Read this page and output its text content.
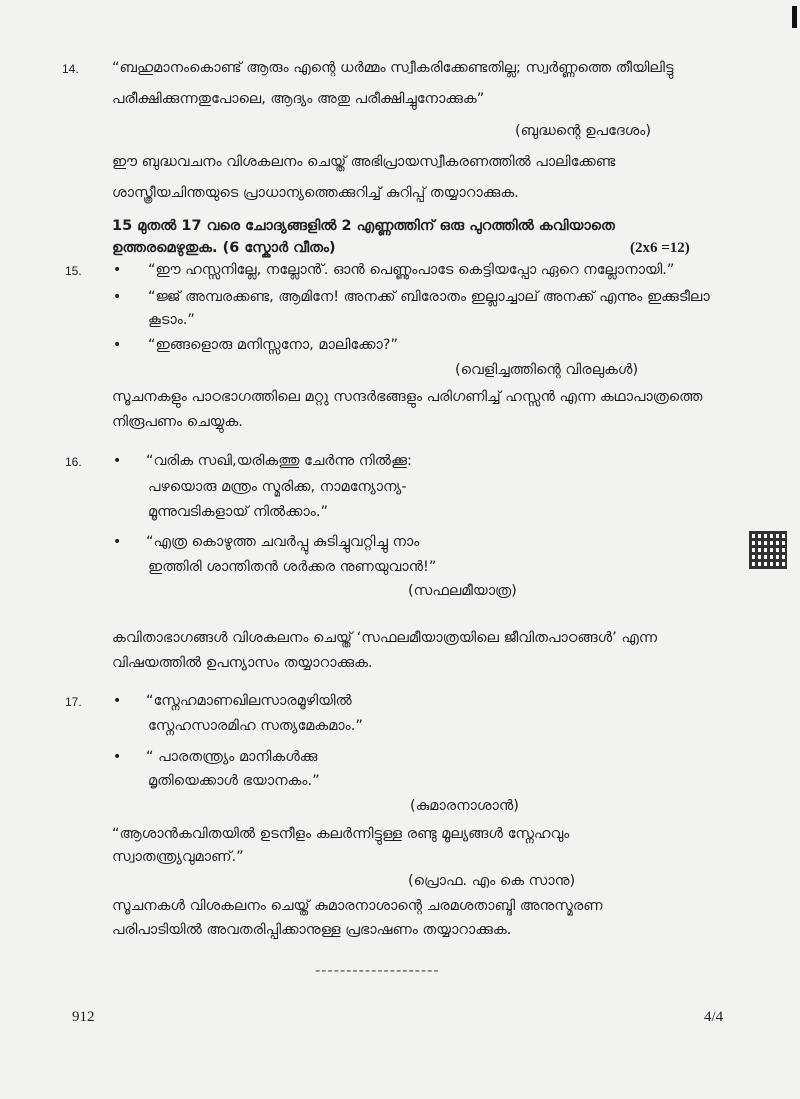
14. “ബഹുമാനംകൊണ്ട് ആരും എന്റെ ധർമ്മം സ്വീകരിക്കേണ്ടതില്ല; സ്വർണ്ണത്തെ തീയിലിട്ടു
പരീക്ഷിക്കുന്നതുപോലെ, ആദ്യം അതു പരീക്ഷിച്ചുനോക്കുക”
(ബുദ്ധന്റെ ഉപദേശം)
ഈ ബുദ്ധവചനം വിശകലനം ചെയ്ത് അഭിപ്രായസ്വീകരണത്തിൽ പാലിക്കേണ്ട
ശാസ്ത്രീയചിന്തയുടെ പ്രാധാന്യത്തെക്കുറിച്ച് കുറിപ്പ് തയ്യാറാക്കുക.
15 മുതൽ 17 വരെ ചോദ്യങ്ങളിൽ 2 എണ്ണത്തിന് ഒരു പുറത്തിൽ കവിയാതെ
ഉത്തരമെഴുതുക. (6 സ്കോർ വീതം)	(2x6 =12)
15. • “ഈ ഹസ്സനില്ലേ, നല്ലോൻ്. ഓൻ പെണ്ണുംപാടേ കെട്ടിയപ്പോ ഏറെ നല്ലോനായി.”
• “ജ്ജ് അമ്പരക്കണ്ട, ആമിനേ! അനക്ക് ബിരോതം ഇല്ലാച്ചാല് അനക്ക് എന്നും ഇക്കുടീലാ
കൂടാം.”
• “ഇങ്ങളൊരു മനിസ്സനോ, മാലിക്കോ?”
(വെളിച്ചത്തിന്റെ വിരലുകൾ)
സൂചനകളും പാഠഭാഗത്തിലെ മറ്റു സന്ദർഭങ്ങളും പരിഗണിച്ച് ഹസ്സൻ എന്ന കഥാപാത്രത്തെ
നിരൂപണം ചെയ്യുക.
16. • “വരിക സഖി,യരികത്തു ചേർന്നു നിൽക്കൂ:
പഴയൊരു മന്ത്രം സ്മരിക്ക, നാമന്യോന്യ-
മൂന്നുവടികളായ് നിൽക്കാം.”
• “എത്ര കൊഴുത്ത ചവർപ്പു കുടിച്ചുവറ്റിച്ചു നാം
ഇത്തിരി ശാന്തിതൻ ശർക്കര നുണയുവാൻ!”
(സഫലമീയാത്ര)
കവിതാഭാഗങ്ങൾ വിശകലനം ചെയ്ത് ‘സഫലമീയാത്രയിലെ ജീവിതപാഠങ്ങൾ’ എന്ന
വിഷയത്തിൽ ഉപന്യാസം തയ്യാറാക്കുക.
17. • “സ്നേഹമാണഖിലസാരമൂഴിയിൽ
സ്നേഹസാരമിഹ സത്യമേകമാം.”
• “ പാരതന്ത്ര്യം മാനികൾക്കു
മൃതിയെക്കാൾ ഭയാനകം.”
(കുമാരനാശാൻ)
“ആശാൻകവിതയിൽ ഉടനീളം കലർന്നിട്ടുള്ള രണ്ടു മൂല്യങ്ങൾ സ്നേഹവും
സ്വാതന്ത്ര്യവുമാണ്.”
(പ്രൊഫ. എം കെ സാനു)
സൂചനകൾ വിശകലനം ചെയ്ത് കുമാരനാശാന്റെ ചരമശതാബ്ദി അനുസ്മരണ
പരിപാടിയിൽ അവതരിപ്പിക്കാനുള്ള പ്രഭാഷണം തയ്യാറാക്കുക.
--------------------
912	4/4
